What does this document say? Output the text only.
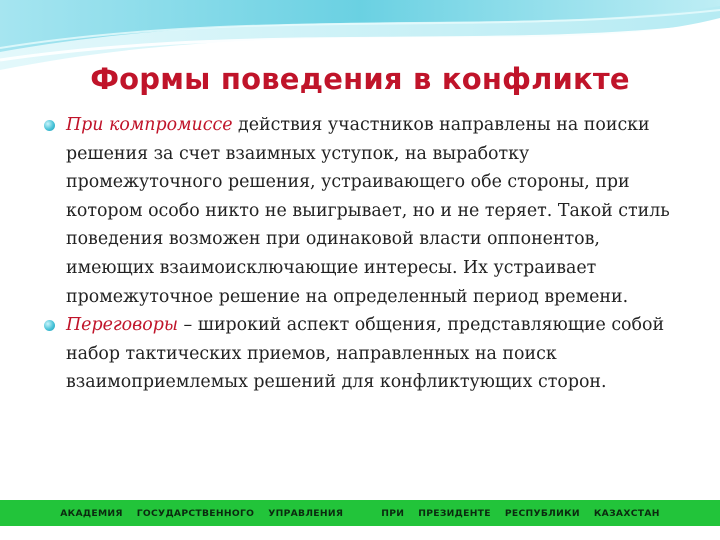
Формы поведения в конфликте

При компромиссе действия участников направлены на поиски решения за счет взаимных уступок, на выработку промежуточного решения, устраивающего обе стороны, при котором особо никто не выигрывает, но и не теряет. Такой стиль поведения возможен при одинаковой власти оппонентов, имеющих взаимоисключающие интересы. Их устраивает промежуточное решение на определенный период времени.

Переговоры – широкий аспект общения, представляющие собой набор тактических приемов, направленных на поиск взаимоприемлемых решений для конфликтующих сторон.

АКАДЕМИЯ ГОСУДАРСТВЕННОГО УПРАВЛЕНИЯ	ПРИ ПРЕЗИДЕНТЕ РЕСПУБЛИКИ КАЗАХСТАН
